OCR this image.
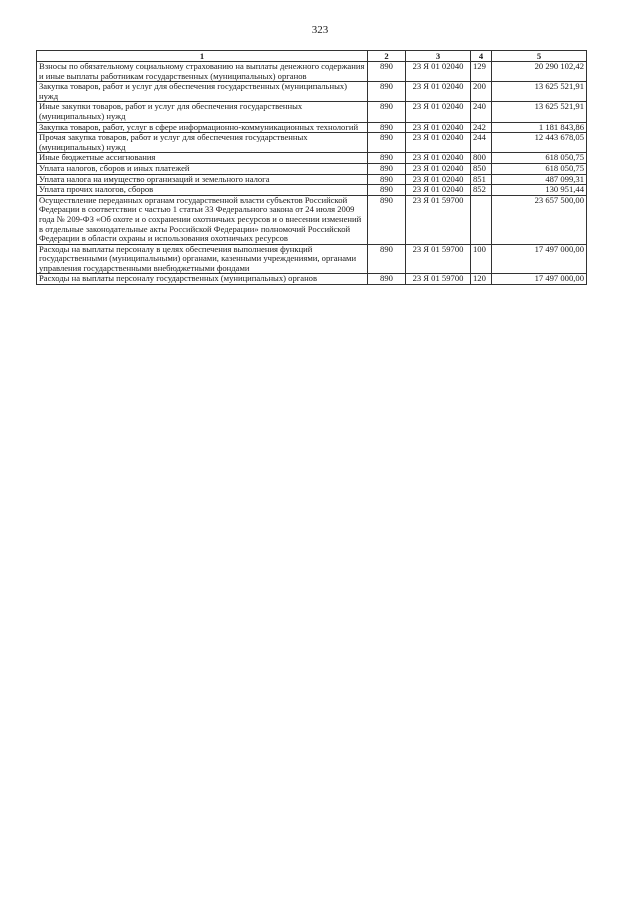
323
1	2	3	4	5
Взносы по обязательному социальному страхованию на выплаты денежного содержания и иные выплаты работникам государственных (муниципальных) органов	890	23 Я 01 02040	129	20 290 102,42
Закупка товаров, работ и услуг для обеспечения государственных (муниципальных) нужд	890	23 Я 01 02040	200	13 625 521,91
Иные закупки товаров, работ и услуг для обеспечения государственных (муниципальных) нужд	890	23 Я 01 02040	240	13 625 521,91
Закупка товаров, работ, услуг в сфере информационно-коммуникационных технологий	890	23 Я 01 02040	242	1 181 843,86
Прочая закупка товаров, работ и услуг для обеспечения государственных (муниципальных) нужд	890	23 Я 01 02040	244	12 443 678,05
Иные бюджетные ассигнования	890	23 Я 01 02040	800	618 050,75
Уплата налогов, сборов и иных платежей	890	23 Я 01 02040	850	618 050,75
Уплата налога на имущество организаций и земельного налога	890	23 Я 01 02040	851	487 099,31
Уплата прочих налогов, сборов	890	23 Я 01 02040	852	130 951,44
Осуществление переданных органам государственной власти субъектов Российской Федерации в соответствии с частью 1 статьи 33 Федерального закона от 24 июля 2009 года № 209-ФЗ «Об охоте и о сохранении охотничьих ресурсов и о внесении изменений в отдельные законодательные акты Российской Федерации» полномочий Российской Федерации в области охраны и использования охотничьих ресурсов	890	23 Я 01 59700		23 657 500,00
Расходы на выплаты персоналу в целях обеспечения выполнения функций государственными (муниципальными) органами, казенными учреждениями, органами управления государственными внебюджетными фондами	890	23 Я 01 59700	100	17 497 000,00
Расходы на выплаты персоналу государственных (муниципальных) органов	890	23 Я 01 59700	120	17 497 000,00
